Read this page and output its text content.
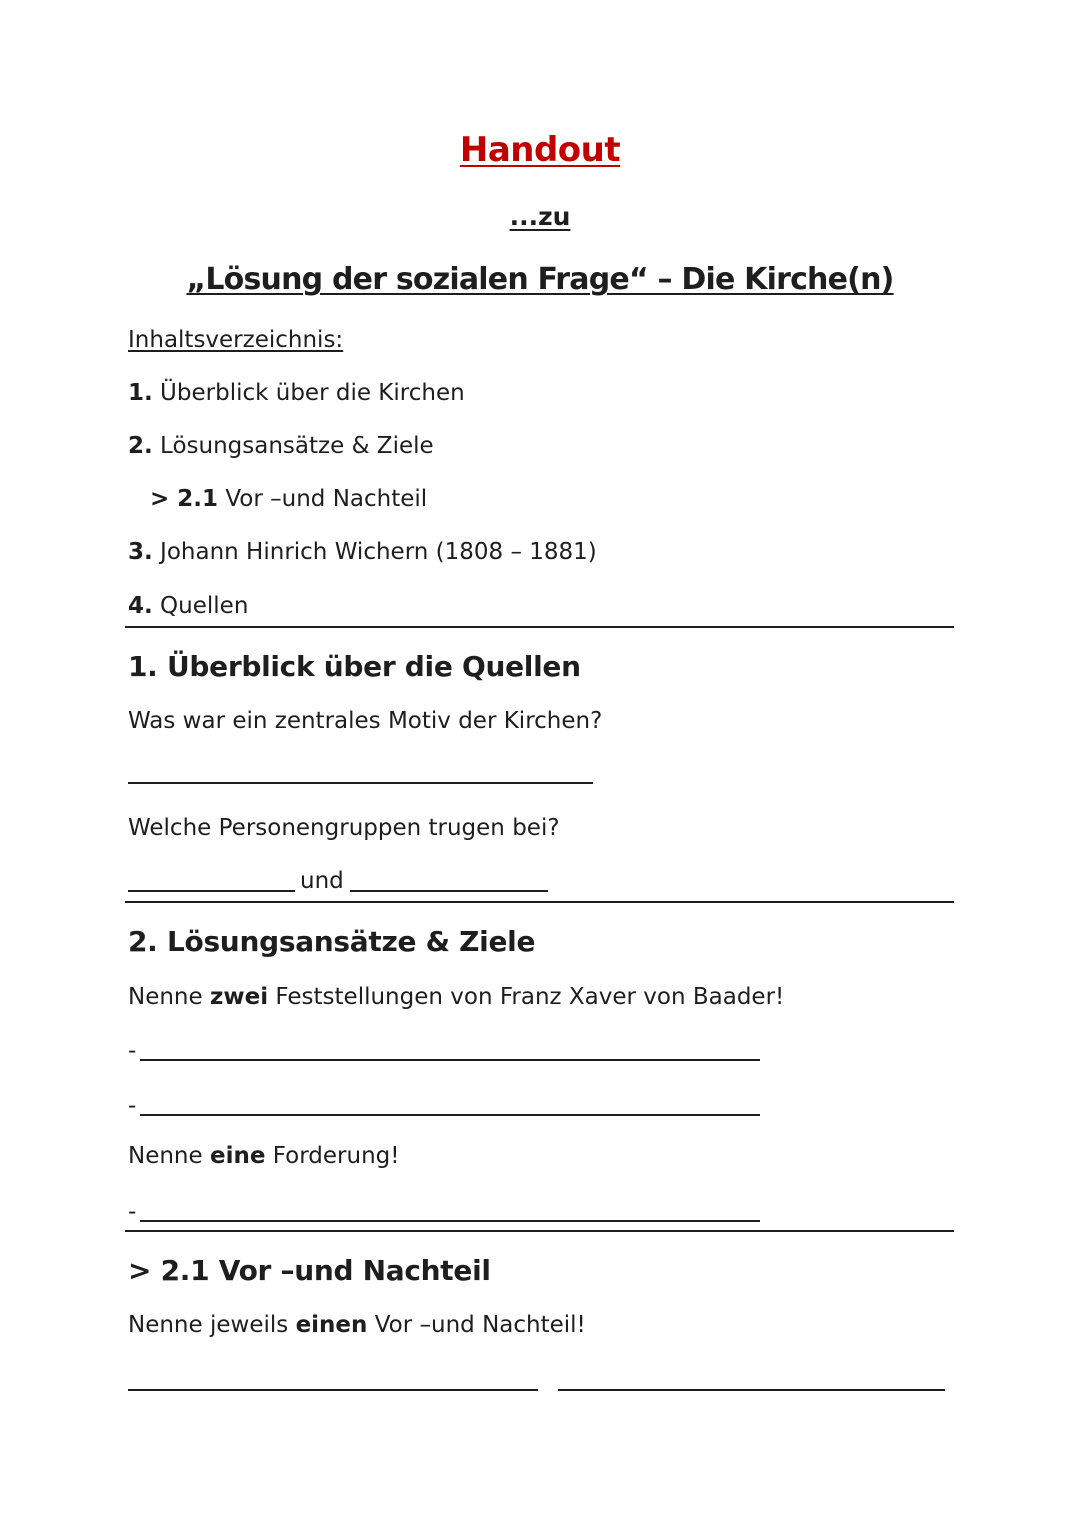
Handout
...zu
„Lösung der sozialen Frage“ – Die Kirche(n)
Inhaltsverzeichnis:
1. Überblick über die Kirchen
2. Lösungsansätze & Ziele
> 2.1 Vor –und Nachteil
3. Johann Hinrich Wichern (1808 – 1881)
4. Quellen
1. Überblick über die Quellen
Was war ein zentrales Motiv der Kirchen?
Welche Personengruppen trugen bei?
und
2. Lösungsansätze & Ziele
Nenne zwei Feststellungen von Franz Xaver von Baader!
-
-
Nenne eine Forderung!
-
> 2.1 Vor –und Nachteil
Nenne jeweils einen Vor –und Nachteil!
